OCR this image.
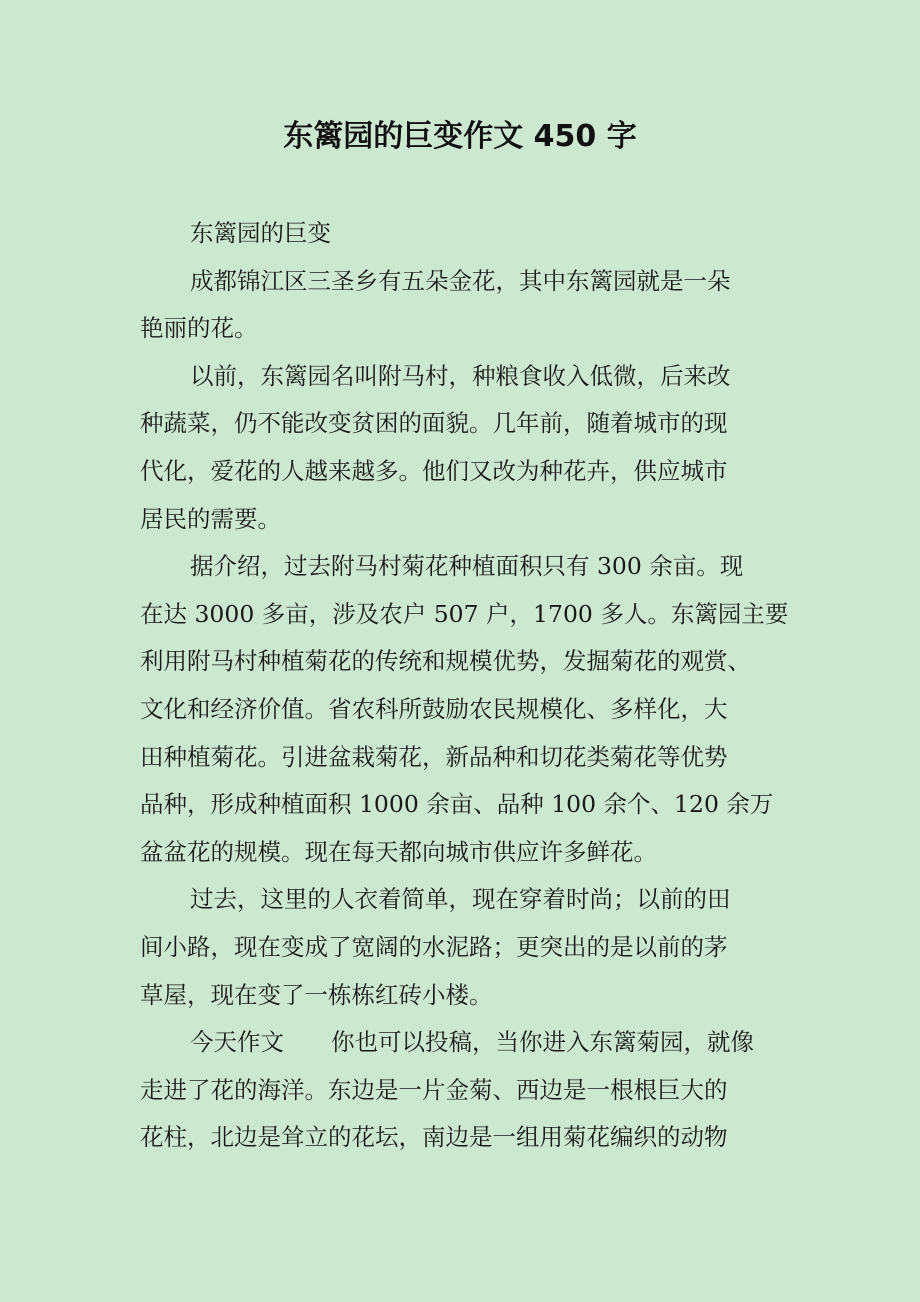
东篱园的巨变作文 450 字
东篱园的巨变
成都锦江区三圣乡有五朵金花，其中东篱园就是一朵
艳丽的花。
以前，东篱园名叫附马村，种粮食收入低微，后来改
种蔬菜，仍不能改变贫困的面貌。几年前，随着城市的现
代化，爱花的人越来越多。他们又改为种花卉，供应城市
居民的需要。
据介绍，过去附马村菊花种植面积只有 300 余亩。现
在达 3000 多亩，涉及农户 507 户，1700 多人。东篱园主要
利用附马村种植菊花的传统和规模优势，发掘菊花的观赏、
文化和经济价值。省农科所鼓励农民规模化、多样化，大
田种植菊花。引进盆栽菊花，新品种和切花类菊花等优势
品种，形成种植面积 1000 余亩、品种 100 余个、120 余万
盆盆花的规模。现在每天都向城市供应许多鲜花。
过去，这里的人衣着简单，现在穿着时尚；以前的田
间小路，现在变成了宽阔的水泥路；更突出的是以前的茅
草屋，现在变了一栋栋红砖小楼。
今天作文　　你也可以投稿，当你进入东篱菊园，就像
走进了花的海洋。东边是一片金菊、西边是一根根巨大的
花柱，北边是耸立的花坛，南边是一组用菊花编织的动物
